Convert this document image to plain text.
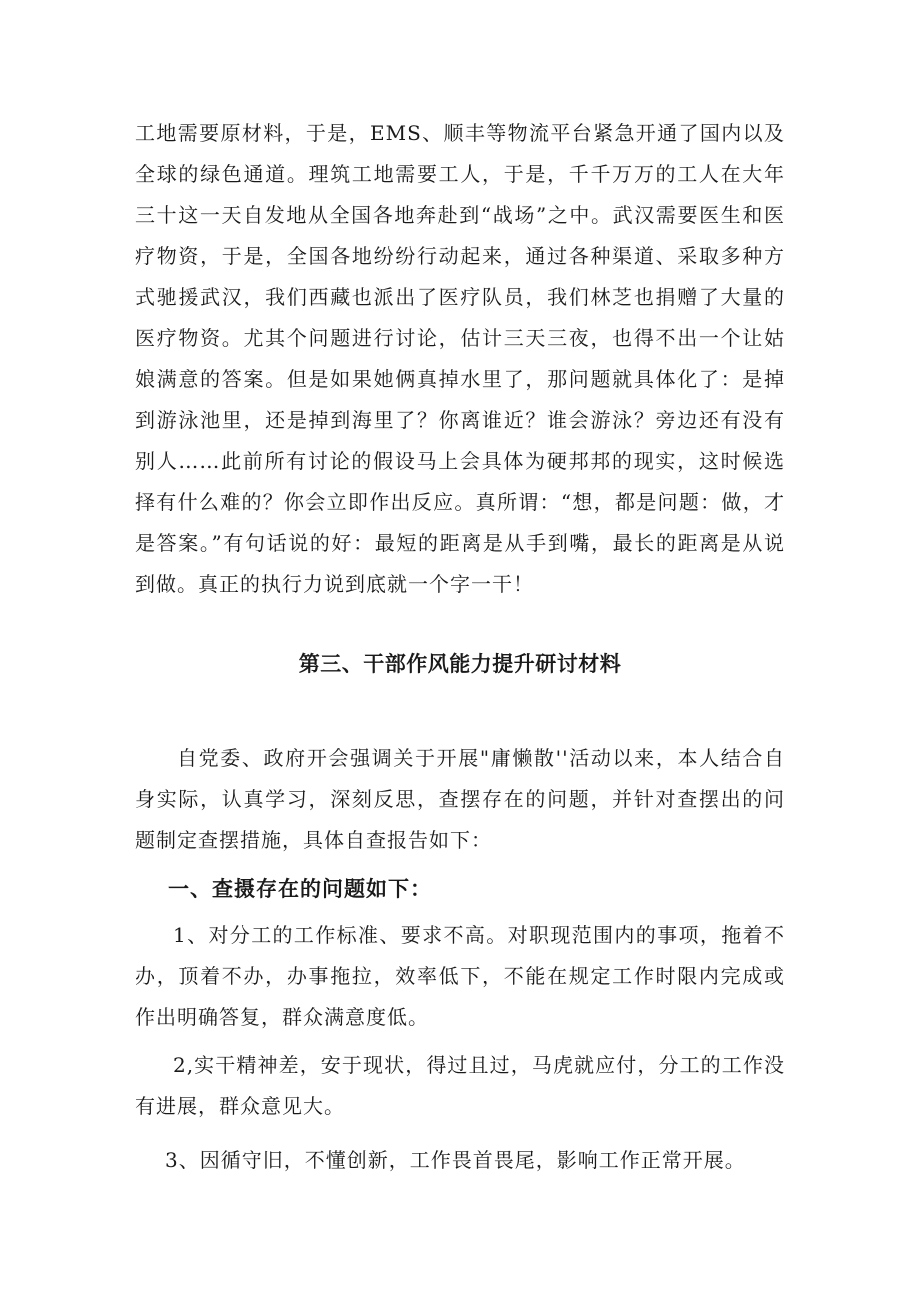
工地需要原材料，于是，EMS、顺丰等物流平台紧急开通了国内以及全球的绿色通道。理筑工地需要工人，于是，千千万万的工人在大年三十这一天自发地从全国各地奔赴到“战场”之中。武汉需要医生和医疗物资，于是，全国各地纷纷行动起来，通过各种渠道、采取多种方式驰援武汉，我们西藏也派出了医疗队员，我们林芝也捐赠了大量的医疗物资。尤其个问题进行讨论，估计三天三夜，也得不出一个让姑娘满意的答案。但是如果她俩真掉水里了，那问题就具体化了：是掉到游泳池里，还是掉到海里了？你离谁近？谁会游泳？旁边还有没有别人……此前所有讨论的假设马上会具体为硬邦邦的现实，这时候选择有什么难的？你会立即作出反应。真所谓：“想，都是问题：做，才是答案。”有句话说的好：最短的距离是从手到嘴，最长的距离是从说到做。真正的执行力说到底就一个字一干！

第三、干部作风能力提升研讨材料

自党委、政府开会强调关于开展"庸懒散''活动以来，本人结合自身实际，认真学习，深刻反思，查摆存在的问题，并针对查摆出的问题制定查摆措施，具体自查报告如下：

一、查摄存在的问题如下：

1、对分工的工作标准、要求不高。对职现范围内的事项，拖着不办，顶着不办，办事拖拉，效率低下，不能在规定工作时限内完成或作出明确答复，群众满意度低。

2,实干精神差，安于现状，得过且过，马虎就应付，分工的工作没有进展，群众意见大。

3、因循守旧，不懂创新，工作畏首畏尾，影响工作正常开展。
